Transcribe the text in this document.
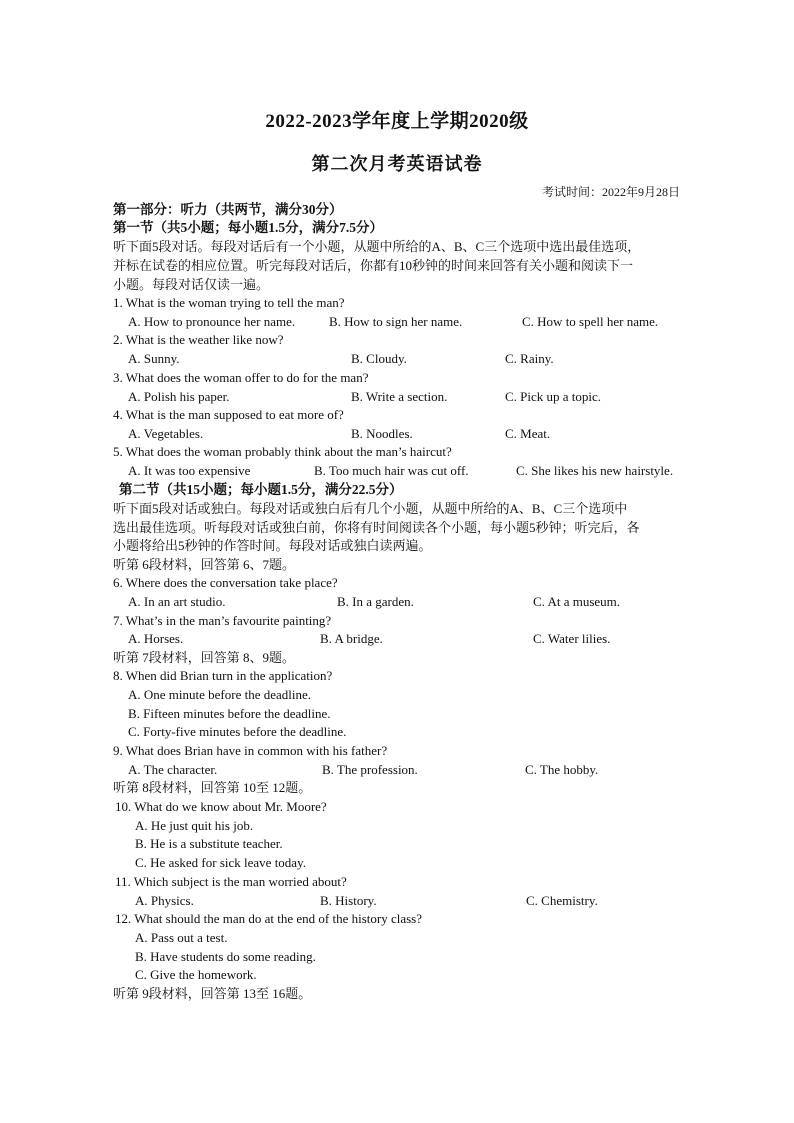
2022-2023学年度上学期2020级
第二次月考英语试卷
考试时间：2022年9月28日
第一部分：听力（共两节，满分30分）
第一节（共5小题；每小题1.5分，满分7.5分）
听下面5段对话。每段对话后有一个小题，从题中所给的A、B、C三个选项中选出最佳选项，
并标在试卷的相应位置。听完每段对话后，你都有10秒钟的时间来回答有关小题和阅读下一
小题。每段对话仅读一遍。
1. What is the woman trying to tell the man?
A. How to pronounce her name.	B. How to sign her name.	C. How to spell her name.
2. What is the weather like now?
A. Sunny.	B. Cloudy.	C. Rainy.
3. What does the woman offer to do for the man?
A. Polish his paper.	B. Write a section.	C. Pick up a topic.
4. What is the man supposed to eat more of?
A. Vegetables.	B. Noodles.	C. Meat.
5. What does the woman probably think about the man’s haircut?
A. It was too expensive	B. Too much hair was cut off.	C. She likes his new hairstyle.
第二节（共15小题；每小题1.5分，满分22.5分）
听下面5段对话或独白。每段对话或独白后有几个小题，从题中所给的A、B、C三个选项中
选出最佳选项。听每段对话或独白前，你将有时间阅读各个小题，每小题5秒钟；听完后，各
小题将给出5秒钟的作答时间。每段对话或独白读两遍。
听第 6段材料，回答第 6、7题。
6. Where does the conversation take place?
A. In an art studio.	B. In a garden.	C. At a museum.
7. What’s in the man’s favourite painting?
A. Horses.	B. A bridge.	C. Water lilies.
听第 7段材料，回答第 8、9题。
8. When did Brian turn in the application?
A. One minute before the deadline.
B. Fifteen minutes before the deadline.
C. Forty-five minutes before the deadline.
9. What does Brian have in common with his father?
A. The character.	B. The profession.	C. The hobby.
听第 8段材料，回答第 10至 12题。
10. What do we know about Mr. Moore?
A. He just quit his job.
B. He is a substitute teacher.
C. He asked for sick leave today.
11. Which subject is the man worried about?
A. Physics.	B. History.	C. Chemistry.
12. What should the man do at the end of the history class?
A. Pass out a test.
B. Have students do some reading.
C. Give the homework.
听第 9段材料，回答第 13至 16题。
